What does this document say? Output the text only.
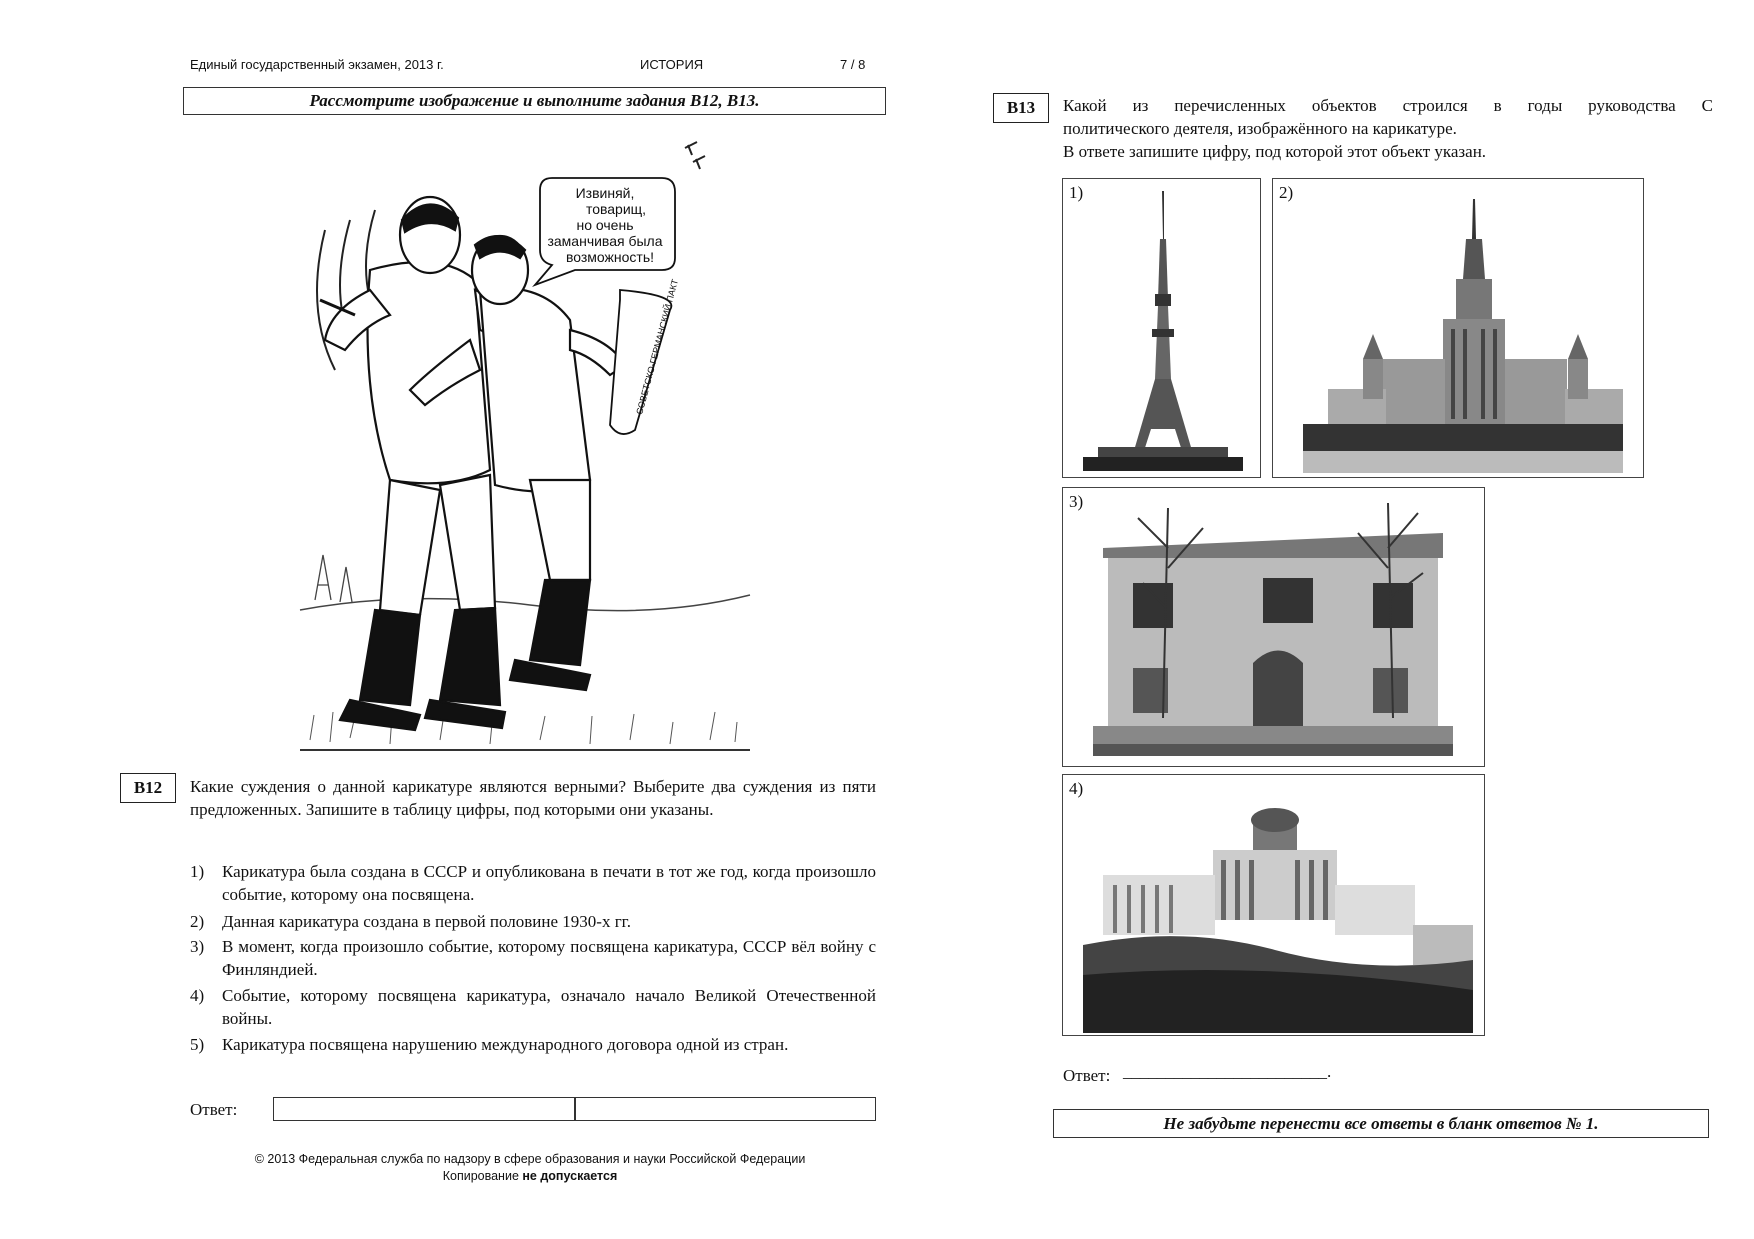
Единый государственный экзамен, 2013 г.	ИСТОРИЯ	7 / 8
Рассмотрите изображение и выполните задания B12, B13.
СОВЕТСКО-ГЕРМАНСКИЙ ПАКТ
Извиняй,
товарищ,
но очень
заманчивая была
возможность!
B12	Какие суждения о данной карикатуре являются верными? Выберите два суждения из пяти предложенных. Запишите в таблицу цифры, под которыми они указаны.
1) Карикатура была создана в СССР и опубликована в печати в тот же год, когда произошло событие, которому она посвящена.
2) Данная карикатура создана в первой половине 1930-х гг.
3) В момент, когда произошло событие, которому посвящена карикатура, СССР вёл войну с Финляндией.
4) Событие, которому посвящена карикатура, означало начало Великой Отечественной войны.
5) Карикатура посвящена нарушению международного договора одной из стран.
Ответ:
© 2013 Федеральная служба по надзору в сфере образования и науки Российской Федерации
Копирование не допускается
B13	Какой из перечисленных объектов строился в годы руководства С
политического деятеля, изображённого на карикатуре.
В ответе запишите цифру, под которой этот объект указан.
1)	2)
3)
4)
Ответ: ________________________.
Не забудьте перенести все ответы в бланк ответов № 1.
